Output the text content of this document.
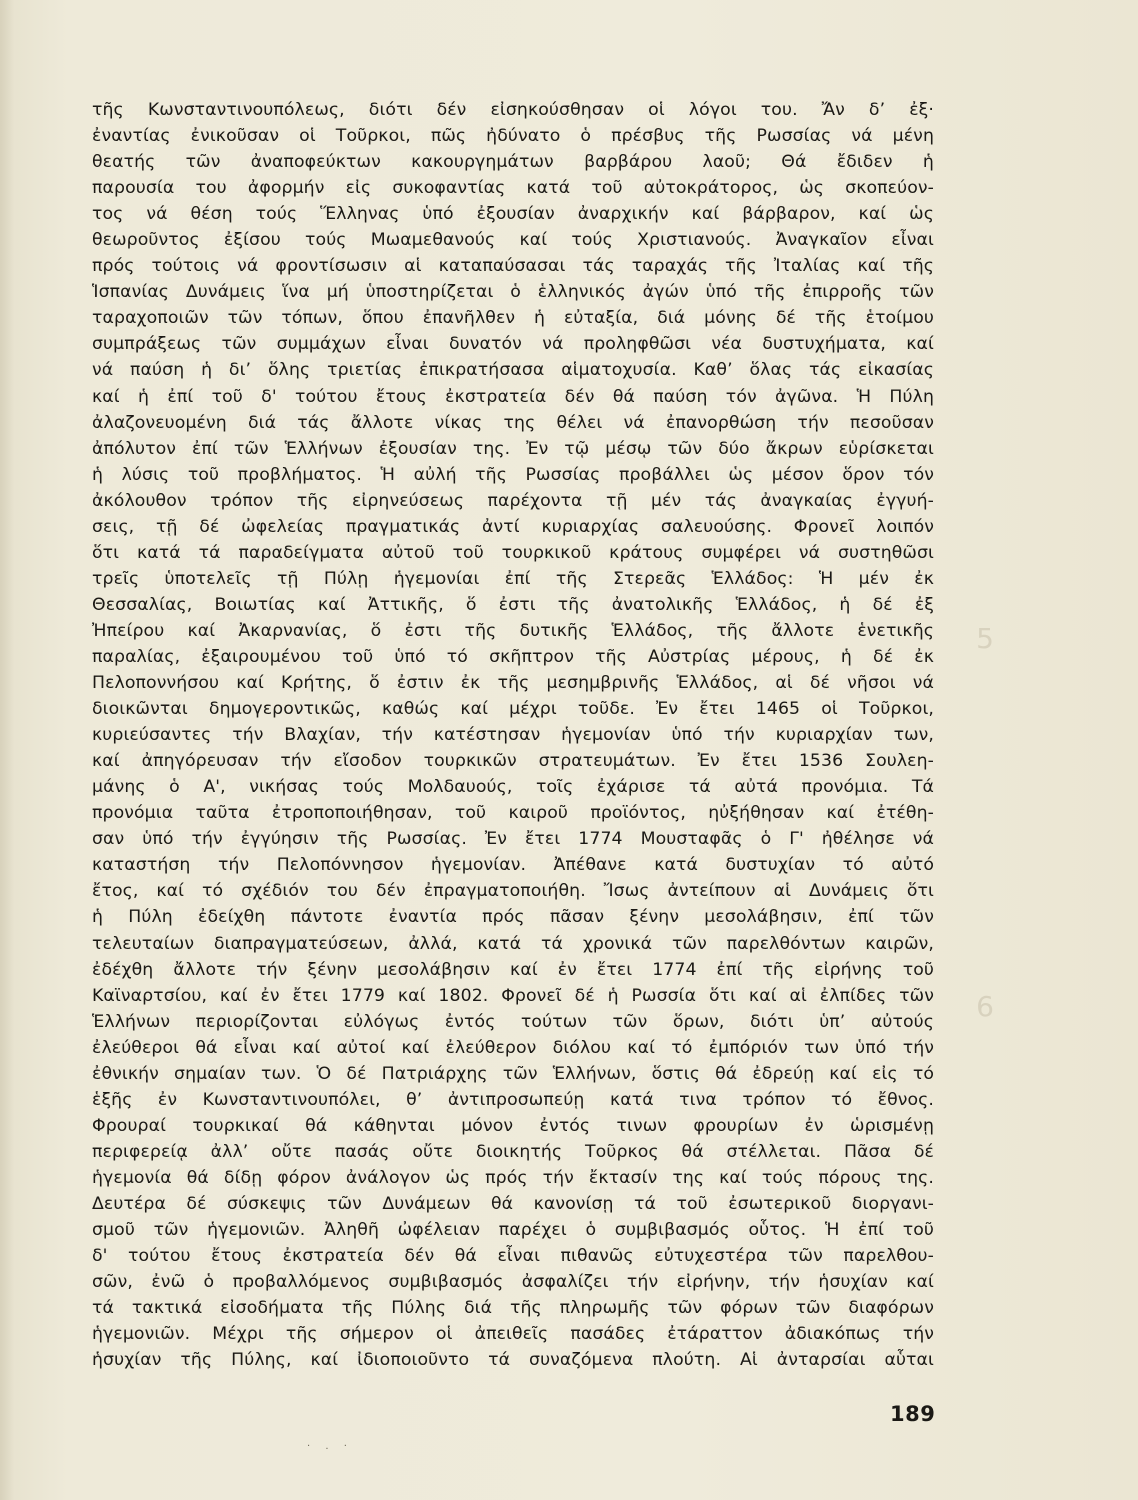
τῆς Κωνσταντινουπόλεως, διότι δέν εἰσηκούσθησαν οἱ λόγοι του. Ἄν δ’ ἐξ·
ἐναντίας ἐνικοῦσαν οἱ Τοῦρκοι, πῶς ἠδύνατο ὁ πρέσβυς τῆς Ρωσσίας νά μένη
θεατής τῶν ἀναποφεύκτων κακουργημάτων βαρβάρου λαοῦ; Θά ἔδιδεν ἡ
παρουσία του ἀφορμήν εἰς συκοφαντίας κατά τοῦ αὐτοκράτορος, ὡς σκοπεύον-
τος νά θέση τούς Ἕλληνας ὑπό ἐξουσίαν ἀναρχικήν καί βάρβαρον, καί ὡς
θεωροῦντος ἐξίσου τούς Μωαμεθανούς καί τούς Χριστιανούς. Ἀναγκαῖον εἶναι
πρός τούτοις νά φροντίσωσιν αἱ καταπαύσασαι τάς ταραχάς τῆς Ἰταλίας καί τῆς
Ἱσπανίας Δυνάμεις ἵνα μή ὑποστηρίζεται ὁ ἑλληνικός ἀγών ὑπό τῆς ἐπιρροῆς τῶν
ταραχοποιῶν τῶν τόπων, ὅπου ἐπανῆλθεν ἡ εὐταξία, διά μόνης δέ τῆς ἑτοίμου
συμπράξεως τῶν συμμάχων εἶναι δυνατόν νά προληφθῶσι νέα δυστυχήματα, καί
νά παύση ἡ δι’ ὅλης τριετίας ἐπικρατήσασα αἱματοχυσία. Καθ’ ὅλας τάς εἰκασίας
καί ἡ ἐπί τοῦ δ' τούτου ἔτους ἐκστρατεία δέν θά παύση τόν ἀγῶνα. Ἡ Πύλη
ἀλαζονευομένη διά τάς ἄλλοτε νίκας της θέλει νά ἐπανορθώση τήν πεσοῦσαν
ἀπόλυτον ἐπί τῶν Ἑλλήνων ἐξουσίαν της. Ἐν τῷ μέσῳ τῶν δύο ἄκρων εὑρίσκεται
ἡ λύσις τοῦ προβλήματος. Ἡ αὐλή τῆς Ρωσσίας προβάλλει ὡς μέσον ὅρον τόν
ἀκόλουθον τρόπον τῆς εἰρηνεύσεως παρέχοντα τῇ μέν τάς ἀναγκαίας ἐγγυή-
σεις, τῇ δέ ὠφελείας πραγματικάς ἀντί κυριαρχίας σαλευούσης. Φρονεῖ λοιπόν
ὅτι κατά τά παραδείγματα αὐτοῦ τοῦ τουρκικοῦ κράτους συμφέρει νά συστηθῶσι
τρεῖς ὑποτελεῖς τῇ Πύλῃ ἡγεμονίαι ἐπί τῆς Στερεᾶς Ἑλλάδος: Ἡ μέν ἐκ
Θεσσαλίας, Βοιωτίας καί Ἀττικῆς, ὅ ἐστι τῆς ἀνατολικῆς Ἑλλάδος, ἡ δέ ἐξ
Ἠπείρου καί Ἀκαρνανίας, ὅ ἐστι τῆς δυτικῆς Ἑλλάδος, τῆς ἄλλοτε ἑνετικῆς
παραλίας, ἐξαιρουμένου τοῦ ὑπό τό σκῆπτρον τῆς Αὐστρίας μέρους, ἡ δέ ἐκ
Πελοποννήσου καί Κρήτης, ὅ ἐστιν ἐκ τῆς μεσημβρινῆς Ἑλλάδος, αἱ δέ νῆσοι νά
διοικῶνται δημογεροντικῶς, καθώς καί μέχρι τοῦδε. Ἐν ἔτει 1465 οἱ Τοῦρκοι,
κυριεύσαντες τήν Βλαχίαν, τήν κατέστησαν ἡγεμονίαν ὑπό τήν κυριαρχίαν των,
καί ἀπηγόρευσαν τήν εἴσοδον τουρκικῶν στρατευμάτων. Ἐν ἔτει 1536 Σουλεη-
μάνης ὁ Α', νικήσας τούς Μολδαυούς, τοῖς ἐχάρισε τά αὐτά προνόμια. Τά
προνόμια ταῦτα ἐτροποποιήθησαν, τοῦ καιροῦ προϊόντος, ηὐξήθησαν καί ἐτέθη-
σαν ὑπό τήν ἐγγύησιν τῆς Ρωσσίας. Ἐν ἔτει 1774 Μουσταφᾶς ὁ Γ' ἠθέλησε νά
καταστήση τήν Πελοπόννησον ἡγεμονίαν. Ἀπέθανε κατά δυστυχίαν τό αὐτό
ἔτος, καί τό σχέδιόν του δέν ἐπραγματοποιήθη. Ἴσως ἀντείπουν αἱ Δυνάμεις ὅτι
ἡ Πύλη ἐδείχθη πάντοτε ἐναντία πρός πᾶσαν ξένην μεσολάβησιν, ἐπί τῶν
τελευταίων διαπραγματεύσεων, ἀλλά, κατά τά χρονικά τῶν παρελθόντων καιρῶν,
ἐδέχθη ἄλλοτε τήν ξένην μεσολάβησιν καί ἐν ἔτει 1774 ἐπί τῆς εἰρήνης τοῦ
Καϊναρτσίου, καί ἐν ἔτει 1779 καί 1802. Φρονεῖ δέ ἡ Ρωσσία ὅτι καί αἱ ἐλπίδες τῶν
Ἑλλήνων περιορίζονται εὐλόγως ἐντός τούτων τῶν ὅρων, διότι ὑπ’ αὐτούς
ἐλεύθεροι θά εἶναι καί αὐτοί καί ἐλεύθερον διόλου καί τό ἐμπόριόν των ὑπό τήν
ἐθνικήν σημαίαν των. Ὁ δέ Πατριάρχης τῶν Ἑλλήνων, ὅστις θά ἐδρεύῃ καί εἰς τό
ἑξῆς ἐν Κωνσταντινουπόλει, θ’ ἀντιπροσωπεύῃ κατά τινα τρόπον τό ἔθνος.
Φρουραί τουρκικαί θά κάθηνται μόνον ἐντός τινων φρουρίων ἐν ὡρισμένῃ
περιφερείᾳ ἀλλ’ οὔτε πασάς οὔτε διοικητής Τοῦρκος θά στέλλεται. Πᾶσα δέ
ἡγεμονία θά δίδῃ φόρον ἀνάλογον ὡς πρός τήν ἔκτασίν της καί τούς πόρους της.
Δευτέρα δέ σύσκεψις τῶν Δυνάμεων θά κανονίσῃ τά τοῦ ἐσωτερικοῦ διοργανι-
σμοῦ τῶν ἡγεμονιῶν. Ἀληθῆ ὠφέλειαν παρέχει ὁ συμβιβασμός οὗτος. Ἡ ἐπί τοῦ
δ' τούτου ἔτους ἐκστρατεία δέν θά εἶναι πιθανῶς εὐτυχεστέρα τῶν παρελθου-
σῶν, ἐνῶ ὁ προβαλλόμενος συμβιβασμός ἀσφαλίζει τήν εἰρήνην, τήν ἡσυχίαν καί
τά τακτικά εἰσοδήματα τῆς Πύλης διά τῆς πληρωμῆς τῶν φόρων τῶν διαφόρων
ἡγεμονιῶν. Μέχρι τῆς σήμερον οἱ ἀπειθεῖς πασάδες ἐτάραττον ἀδιακόπως τήν
ἡσυχίαν τῆς Πύλης, καί ἰδιοποιοῦντο τά συναζόμενα πλούτη. Αἱ ἀνταρσίαι αὗται
5
6
· . ·
189
